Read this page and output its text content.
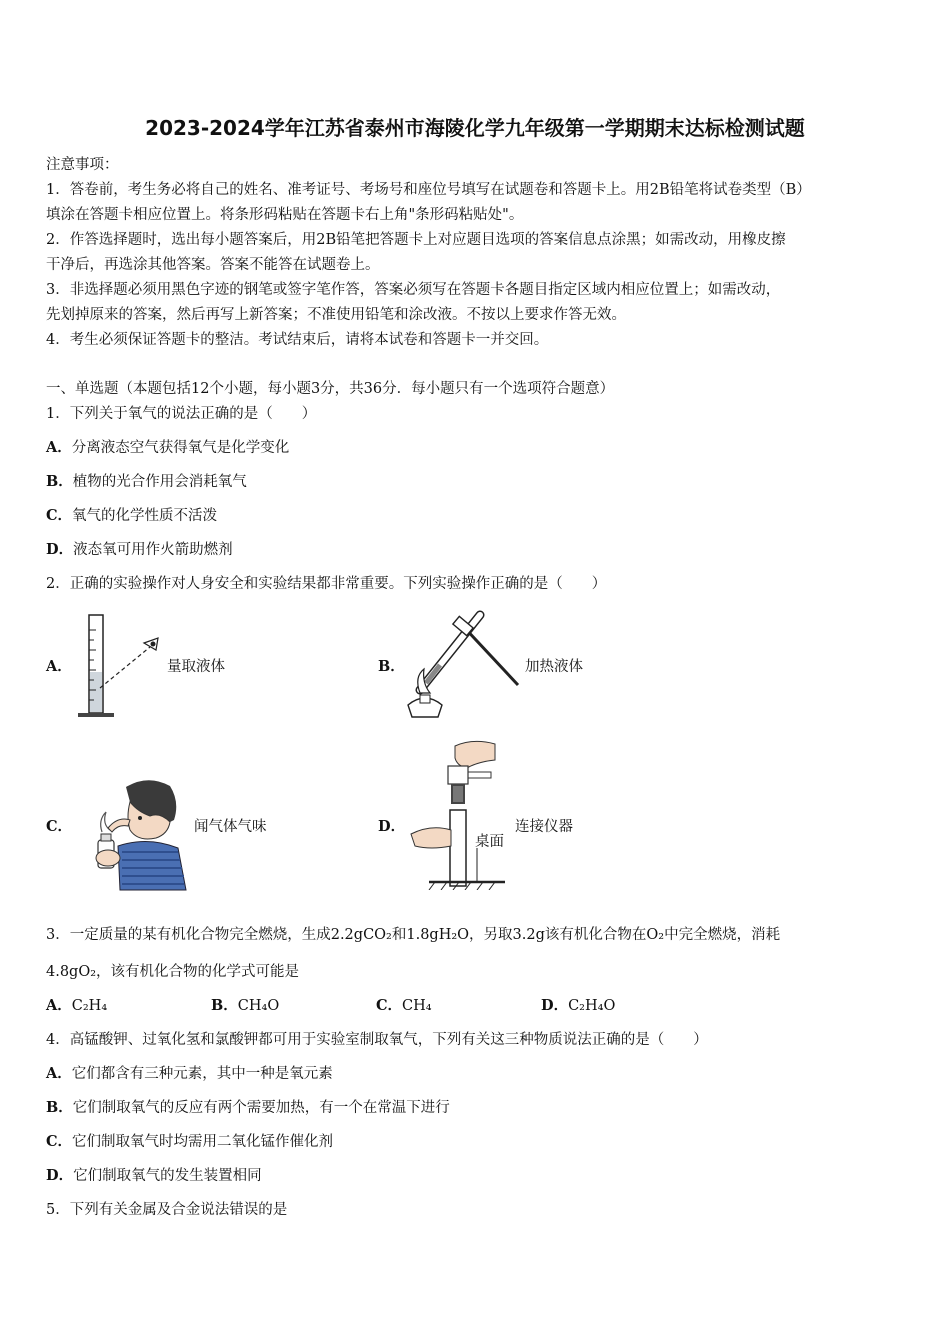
2023-2024学年江苏省泰州市海陵化学九年级第一学期期末达标检测试题
注意事项：
1．答卷前，考生务必将自己的姓名、准考证号、考场号和座位号填写在试题卷和答题卡上。用2B铅笔将试卷类型（B）
填涂在答题卡相应位置上。将条形码粘贴在答题卡右上角"条形码粘贴处"。
2．作答选择题时，选出每小题答案后，用2B铅笔把答题卡上对应题目选项的答案信息点涂黑；如需改动，用橡皮擦
干净后，再选涂其他答案。答案不能答在试题卷上。
3．非选择题必须用黑色字迹的钢笔或签字笔作答，答案必须写在答题卡各题目指定区域内相应位置上；如需改动，
先划掉原来的答案，然后再写上新答案；不准使用铅笔和涂改液。不按以上要求作答无效。
4．考生必须保证答题卡的整洁。考试结束后，请将本试卷和答题卡一并交回。
一、单选题（本题包括12个小题，每小题3分，共36分．每小题只有一个选项符合题意）
1．下列关于氧气的说法正确的是（　　）
A．分离液态空气获得氧气是化学变化
B．植物的光合作用会消耗氧气
C．氧气的化学性质不活泼
D．液态氧可用作火箭助燃剂
2．正确的实验操作对人身安全和实验结果都非常重要。下列实验操作正确的是（　　）
A．	量取液体	B．	加热液体
C．	闻气体气味	D．
桌面
连接仪器
3．一定质量的某有机化合物完全燃烧，生成2.2gCO₂和1.8gH₂O，另取3.2g该有机化合物在O₂中完全燃烧，消耗
4.8gO₂，该有机化合物的化学式可能是
A．C₂H₄	B．CH₄O	C．CH₄	D．C₂H₄O
4．高锰酸钾、过氧化氢和氯酸钾都可用于实验室制取氧气，下列有关这三种物质说法正确的是（　　）
A．它们都含有三种元素，其中一种是氧元素
B．它们制取氧气的反应有两个需要加热，有一个在常温下进行
C．它们制取氧气时均需用二氧化锰作催化剂
D．它们制取氧气的发生装置相同
5．下列有关金属及合金说法错误的是
